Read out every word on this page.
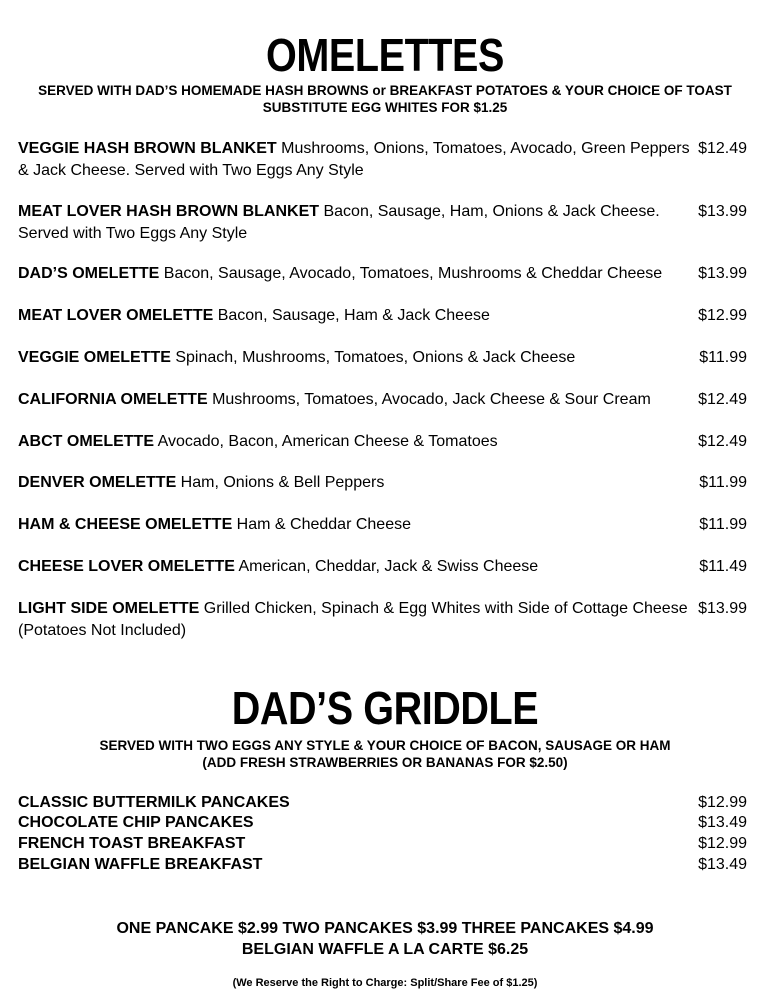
OMELETTES
SERVED WITH DAD’S HOMEMADE HASH BROWNS or BREAKFAST POTATOES & YOUR CHOICE OF TOAST
SUBSTITUTE EGG WHITES FOR $1.25
VEGGIE HASH BROWN BLANKET Mushrooms, Onions, Tomatoes, Avocado, Green Peppers
& Jack Cheese. Served with Two Eggs Any Style
$12.49
MEAT LOVER HASH BROWN BLANKET Bacon, Sausage, Ham, Onions & Jack Cheese.
Served with Two Eggs Any Style
$13.99
DAD’S OMELETTE Bacon, Sausage, Avocado, Tomatoes, Mushrooms & Cheddar Cheese	$13.99
MEAT LOVER OMELETTE Bacon, Sausage, Ham & Jack Cheese	$12.99
VEGGIE OMELETTE Spinach, Mushrooms, Tomatoes, Onions & Jack Cheese	$11.99
CALIFORNIA OMELETTE Mushrooms, Tomatoes, Avocado, Jack Cheese & Sour Cream	$12.49
ABCT OMELETTE Avocado, Bacon, American Cheese & Tomatoes	$12.49
DENVER OMELETTE Ham, Onions & Bell Peppers	$11.99
HAM & CHEESE OMELETTE Ham & Cheddar Cheese	$11.99
CHEESE LOVER OMELETTE American, Cheddar, Jack & Swiss Cheese	$11.49
LIGHT SIDE OMELETTE Grilled Chicken, Spinach & Egg Whites with Side of Cottage Cheese
(Potatoes Not Included)
$13.99
DAD’S GRIDDLE
SERVED WITH TWO EGGS ANY STYLE & YOUR CHOICE OF BACON, SAUSAGE OR HAM
(ADD FRESH STRAWBERRIES OR BANANAS FOR $2.50)
CLASSIC BUTTERMILK PANCAKES	$12.99
CHOCOLATE CHIP PANCAKES	$13.49
FRENCH TOAST BREAKFAST	$12.99
BELGIAN WAFFLE BREAKFAST	$13.49
ONE PANCAKE $2.99 TWO PANCAKES $3.99 THREE PANCAKES $4.99
BELGIAN WAFFLE A LA CARTE $6.25
(We Reserve the Right to Charge: Split/Share Fee of $1.25)
